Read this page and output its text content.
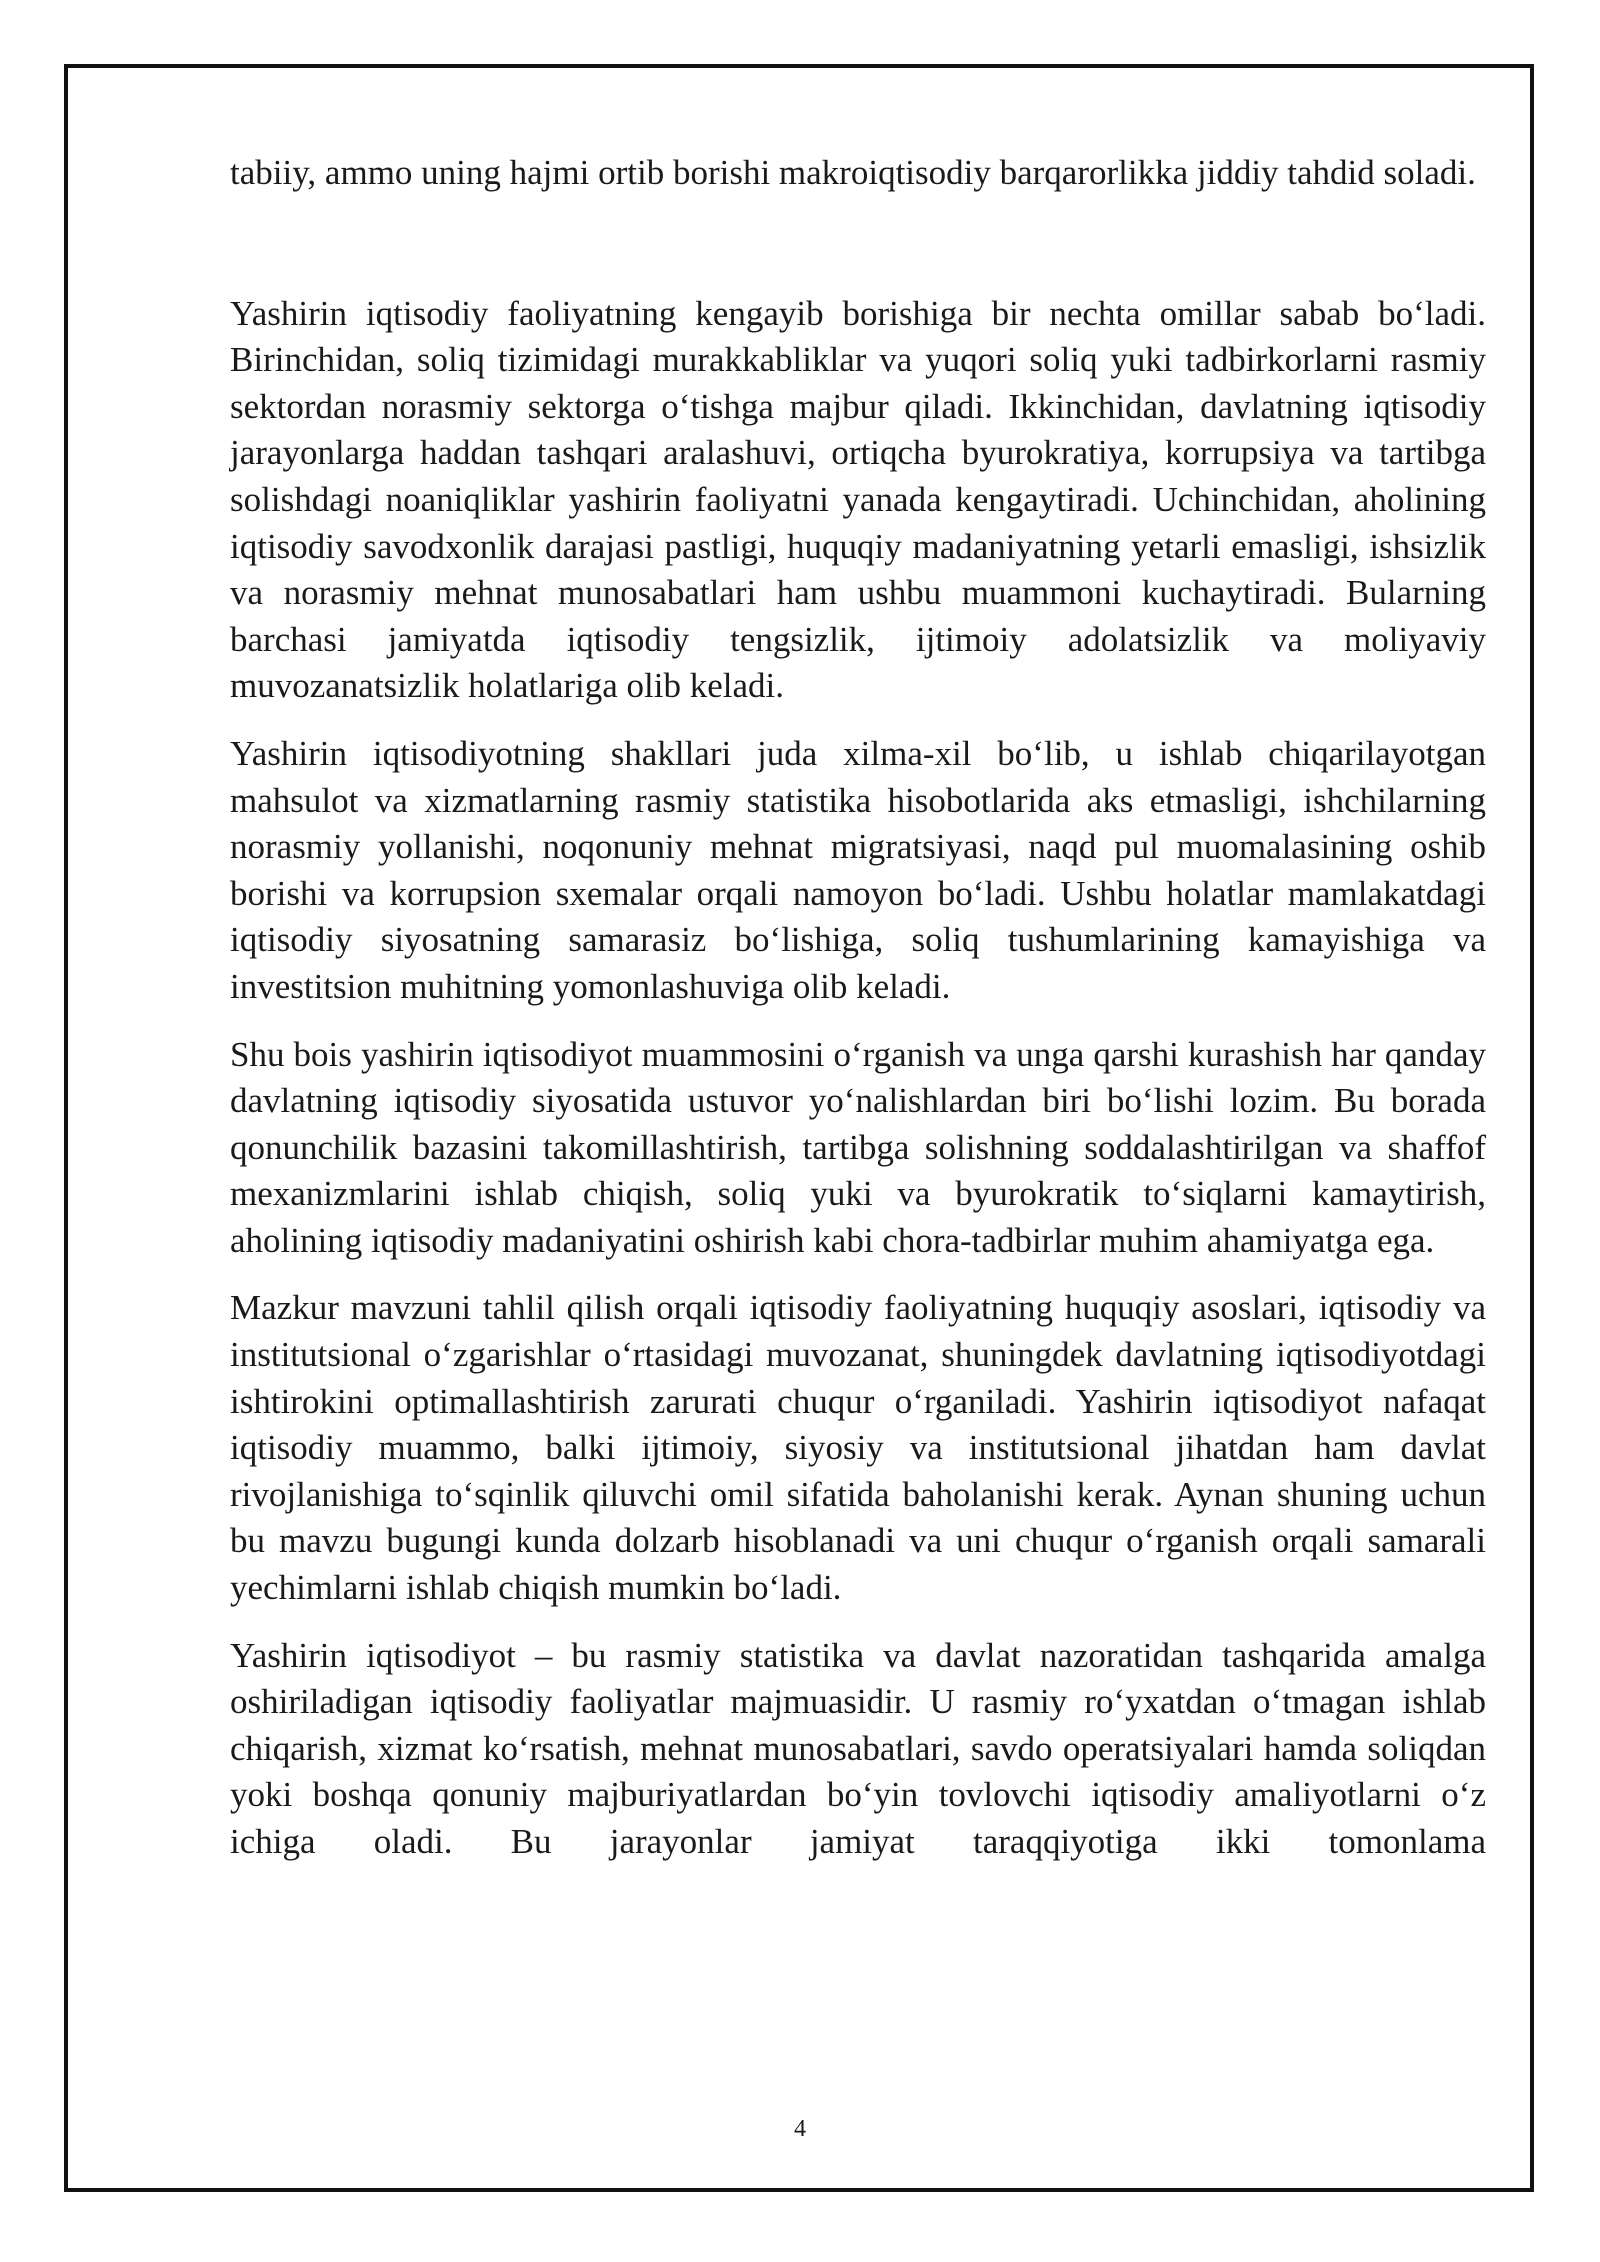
tabiiy, ammo uning hajmi ortib borishi makroiqtisodiy barqarorlikka jiddiy tahdid soladi.

Yashirin iqtisodiy faoliyatning kengayib borishiga bir nechta omillar sabab bo‘ladi. Birinchidan, soliq tizimidagi murakkabliklar va yuqori soliq yuki tadbirkorlarni rasmiy sektordan norasmiy sektorga o‘tishga majbur qiladi. Ikkinchidan, davlatning iqtisodiy jarayonlarga haddan tashqari aralashuvi, ortiqcha byurokratiya, korrupsiya va tartibga solishdagi noaniqliklar yashirin faoliyatni yanada kengaytiradi. Uchinchidan, aholining iqtisodiy savodxonlik darajasi pastligi, huquqiy madaniyatning yetarli emasligi, ishsizlik va norasmiy mehnat munosabatlari ham ushbu muammoni kuchaytiradi. Bularning barchasi jamiyatda iqtisodiy tengsizlik, ijtimoiy adolatsizlik va moliyaviy muvozanatsizlik holatlariga olib keladi.

Yashirin iqtisodiyotning shakllari juda xilma-xil bo‘lib, u ishlab chiqarilayotgan mahsulot va xizmatlarning rasmiy statistika hisobotlarida aks etmasligi, ishchilarning norasmiy yollanishi, noqonuniy mehnat migratsiyasi, naqd pul muomalasining oshib borishi va korrupsion sxemalar orqali namoyon bo‘ladi. Ushbu holatlar mamlakatdagi iqtisodiy siyosatning samarasiz bo‘lishiga, soliq tushumlarining kamayishiga va investitsion muhitning yomonlashuviga olib keladi.

Shu bois yashirin iqtisodiyot muammosini o‘rganish va unga qarshi kurashish har qanday davlatning iqtisodiy siyosatida ustuvor yo‘nalishlardan biri bo‘lishi lozim. Bu borada qonunchilik bazasini takomillashtirish, tartibga solishning soddalashtirilgan va shaffof mexanizmlarini ishlab chiqish, soliq yuki va byurokratik to‘siqlarni kamaytirish, aholining iqtisodiy madaniyatini oshirish kabi chora-tadbirlar muhim ahamiyatga ega.

Mazkur mavzuni tahlil qilish orqali iqtisodiy faoliyatning huquqiy asoslari, iqtisodiy va institutsional o‘zgarishlar o‘rtasidagi muvozanat, shuningdek davlatning iqtisodiyotdagi ishtirokini optimallashtirish zarurati chuqur o‘rganiladi. Yashirin iqtisodiyot nafaqat iqtisodiy muammo, balki ijtimoiy, siyosiy va institutsional jihatdan ham davlat rivojlanishiga to‘sqinlik qiluvchi omil sifatida baholanishi kerak. Aynan shuning uchun bu mavzu bugungi kunda dolzarb hisoblanadi va uni chuqur o‘rganish orqali samarali yechimlarni ishlab chiqish mumkin bo‘ladi.

Yashirin iqtisodiyot – bu rasmiy statistika va davlat nazoratidan tashqarida amalga oshiriladigan iqtisodiy faoliyatlar majmuasidir. U rasmiy ro‘yxatdan o‘tmagan ishlab chiqarish, xizmat ko‘rsatish, mehnat munosabatlari, savdo operatsiyalari hamda soliqdan yoki boshqa qonuniy majburiyatlardan bo‘yin tovlovchi iqtisodiy amaliyotlarni o‘z ichiga oladi. Bu jarayonlar jamiyat taraqqiyotiga ikki tomonlama

4
